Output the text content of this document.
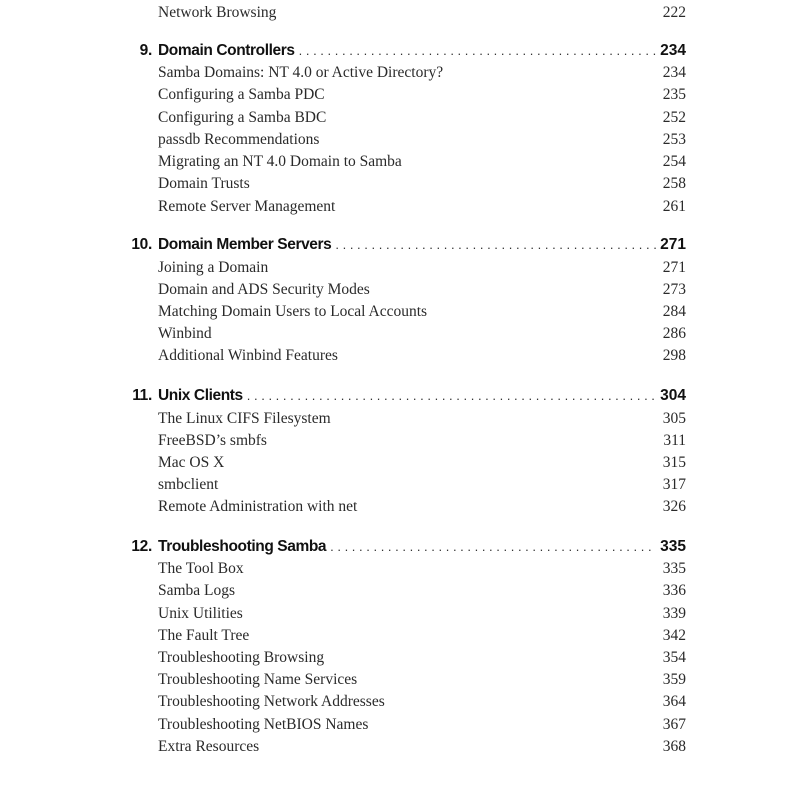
Network Browsing	222
9. Domain Controllers . . .	234
Samba Domains: NT 4.0 or Active Directory?	234
Configuring a Samba PDC	235
Configuring a Samba BDC	252
passdb Recommendations	253
Migrating an NT 4.0 Domain to Samba	254
Domain Trusts	258
Remote Server Management	261
10. Domain Member Servers . . .	271
Joining a Domain	271
Domain and ADS Security Modes	273
Matching Domain Users to Local Accounts	284
Winbind	286
Additional Winbind Features	298
11. Unix Clients . . .	304
The Linux CIFS Filesystem	305
FreeBSD’s smbfs	311
Mac OS X	315
smbclient	317
Remote Administration with net	326
12. Troubleshooting Samba . . .	335
The Tool Box	335
Samba Logs	336
Unix Utilities	339
The Fault Tree	342
Troubleshooting Browsing	354
Troubleshooting Name Services	359
Troubleshooting Network Addresses	364
Troubleshooting NetBIOS Names	367
Extra Resources	368
